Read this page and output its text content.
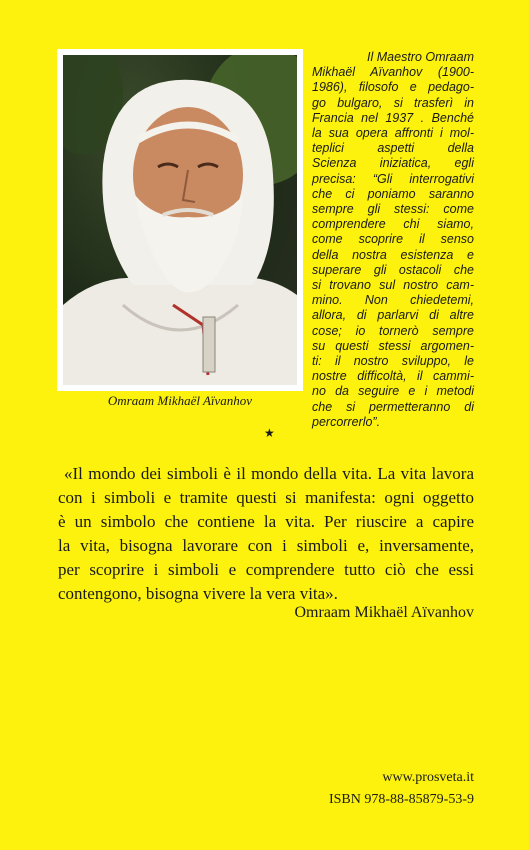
Omraam Mikhaël Aïvanhov
Il Maestro Omraam
Mikhaël Aïvanhov (1900-
1986), filosofo e pedago-
go bulgaro, si trasferì in
Francia nel 1937 . Benché
la sua opera affronti i mol-
teplici aspetti della
Scienza iniziatica, egli
precisa: “Gli interrogativi
che ci poniamo saranno
sempre gli stessi: come
comprendere chi siamo,
come scoprire il senso
della nostra esistenza e
superare gli ostacoli che
si trovano sul nostro cam-
mino. Non chiedetemi,
allora, di parlarvi di altre
cose; io tornerò sempre
su questi stessi argomen-
ti: il nostro sviluppo, le
nostre difficoltà, il cammi-
no da seguire e i metodi
che si permetteranno di
percorrerlo”.
★
«Il mondo dei simboli è il mondo della vita. La vita lavora
con i simboli e tramite questi si manifesta: ogni oggetto
è un simbolo che contiene la vita. Per riuscire a capire
la vita, bisogna lavorare con i simboli e, inversamente,
per scoprire i simboli e comprendere tutto ciò che essi
contengono, bisogna vivere la vera vita».
Omraam Mikhaël Aïvanhov
www.prosveta.it
ISBN 978-88-85879-53-9
